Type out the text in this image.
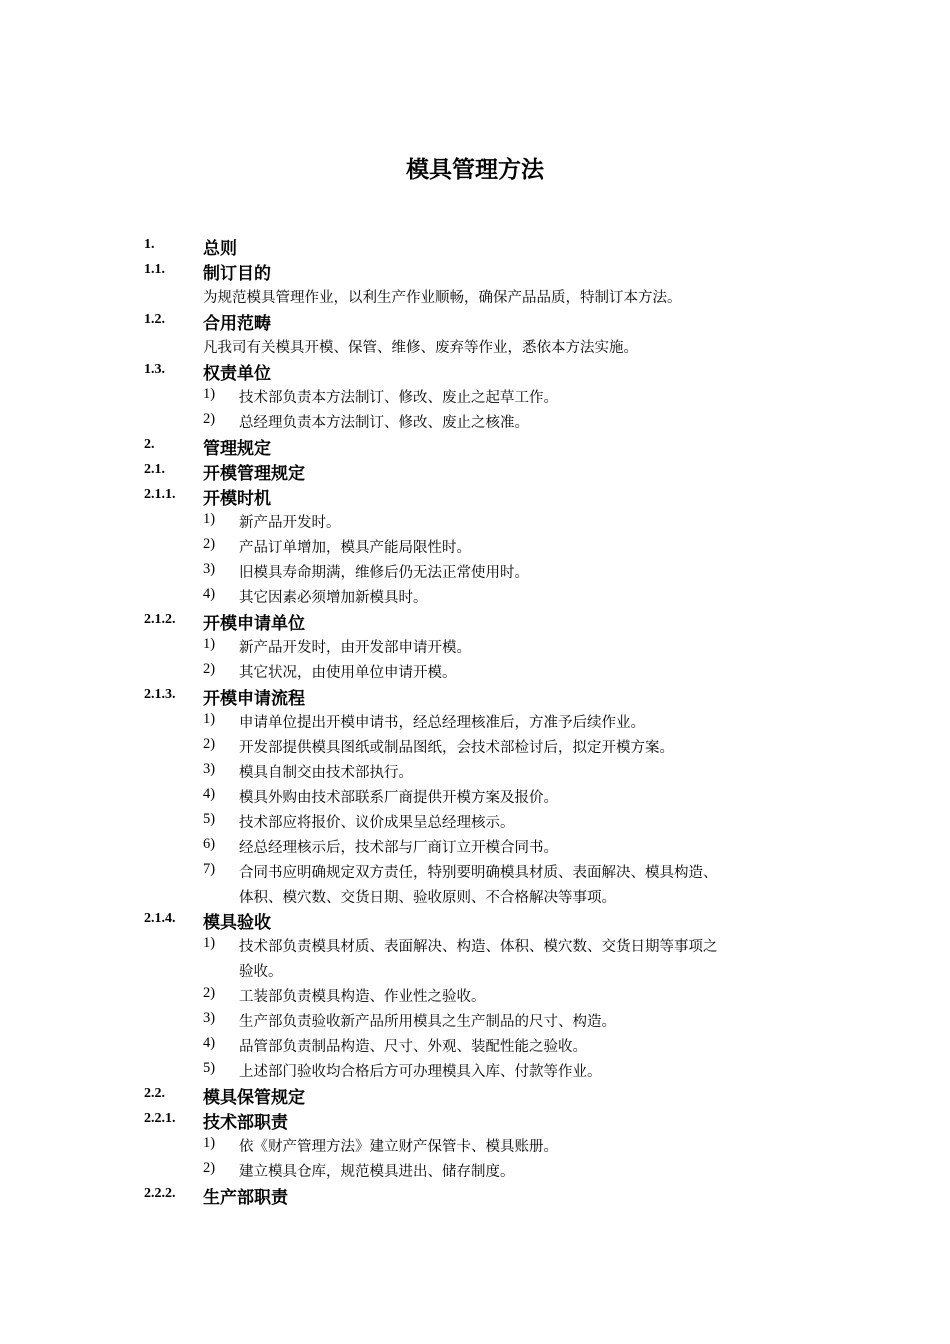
模具管理方法
1.	总则
1.1. 制订目的
为规范模具管理作业，以利生产作业顺畅，确保产品品质，特制订本方法。
1.2. 合用范畴
凡我司有关模具开模、保管、维修、废弃等作业，悉依本方法实施。
1.3. 权责单位
1) 技术部负责本方法制订、修改、废止之起草工作。
2) 总经理负责本方法制订、修改、废止之核准。
2.	管理规定
2.1. 开模管理规定
2.1.1. 开模时机
1) 新产品开发时。
2) 产品订单增加，模具产能局限性时。
3) 旧模具寿命期满，维修后仍无法正常使用时。
4) 其它因素必须增加新模具时。
2.1.2. 开模申请单位
1) 新产品开发时，由开发部申请开模。
2) 其它状况，由使用单位申请开模。
2.1.3. 开模申请流程
1) 申请单位提出开模申请书，经总经理核准后，方准予后续作业。
2) 开发部提供模具图纸或制品图纸，会技术部检讨后，拟定开模方案。
3) 模具自制交由技术部执行。
4) 模具外购由技术部联系厂商提供开模方案及报价。
5) 技术部应将报价、议价成果呈总经理核示。
6) 经总经理核示后，技术部与厂商订立开模合同书。
7) 合同书应明确规定双方责任，特别要明确模具材质、表面解决、模具构造、
体积、模穴数、交货日期、验收原则、不合格解决等事项。
2.1.4. 模具验收
1) 技术部负责模具材质、表面解决、构造、体积、模穴数、交货日期等事项之
验收。
2) 工装部负责模具构造、作业性之验收。
3) 生产部负责验收新产品所用模具之生产制品的尺寸、构造。
4) 品管部负责制品构造、尺寸、外观、装配性能之验收。
5) 上述部门验收均合格后方可办理模具入库、付款等作业。
2.2. 模具保管规定
2.2.1. 技术部职责
1) 依《财产管理方法》建立财产保管卡、模具账册。
2) 建立模具仓库，规范模具进出、储存制度。
2.2.2. 生产部职责
